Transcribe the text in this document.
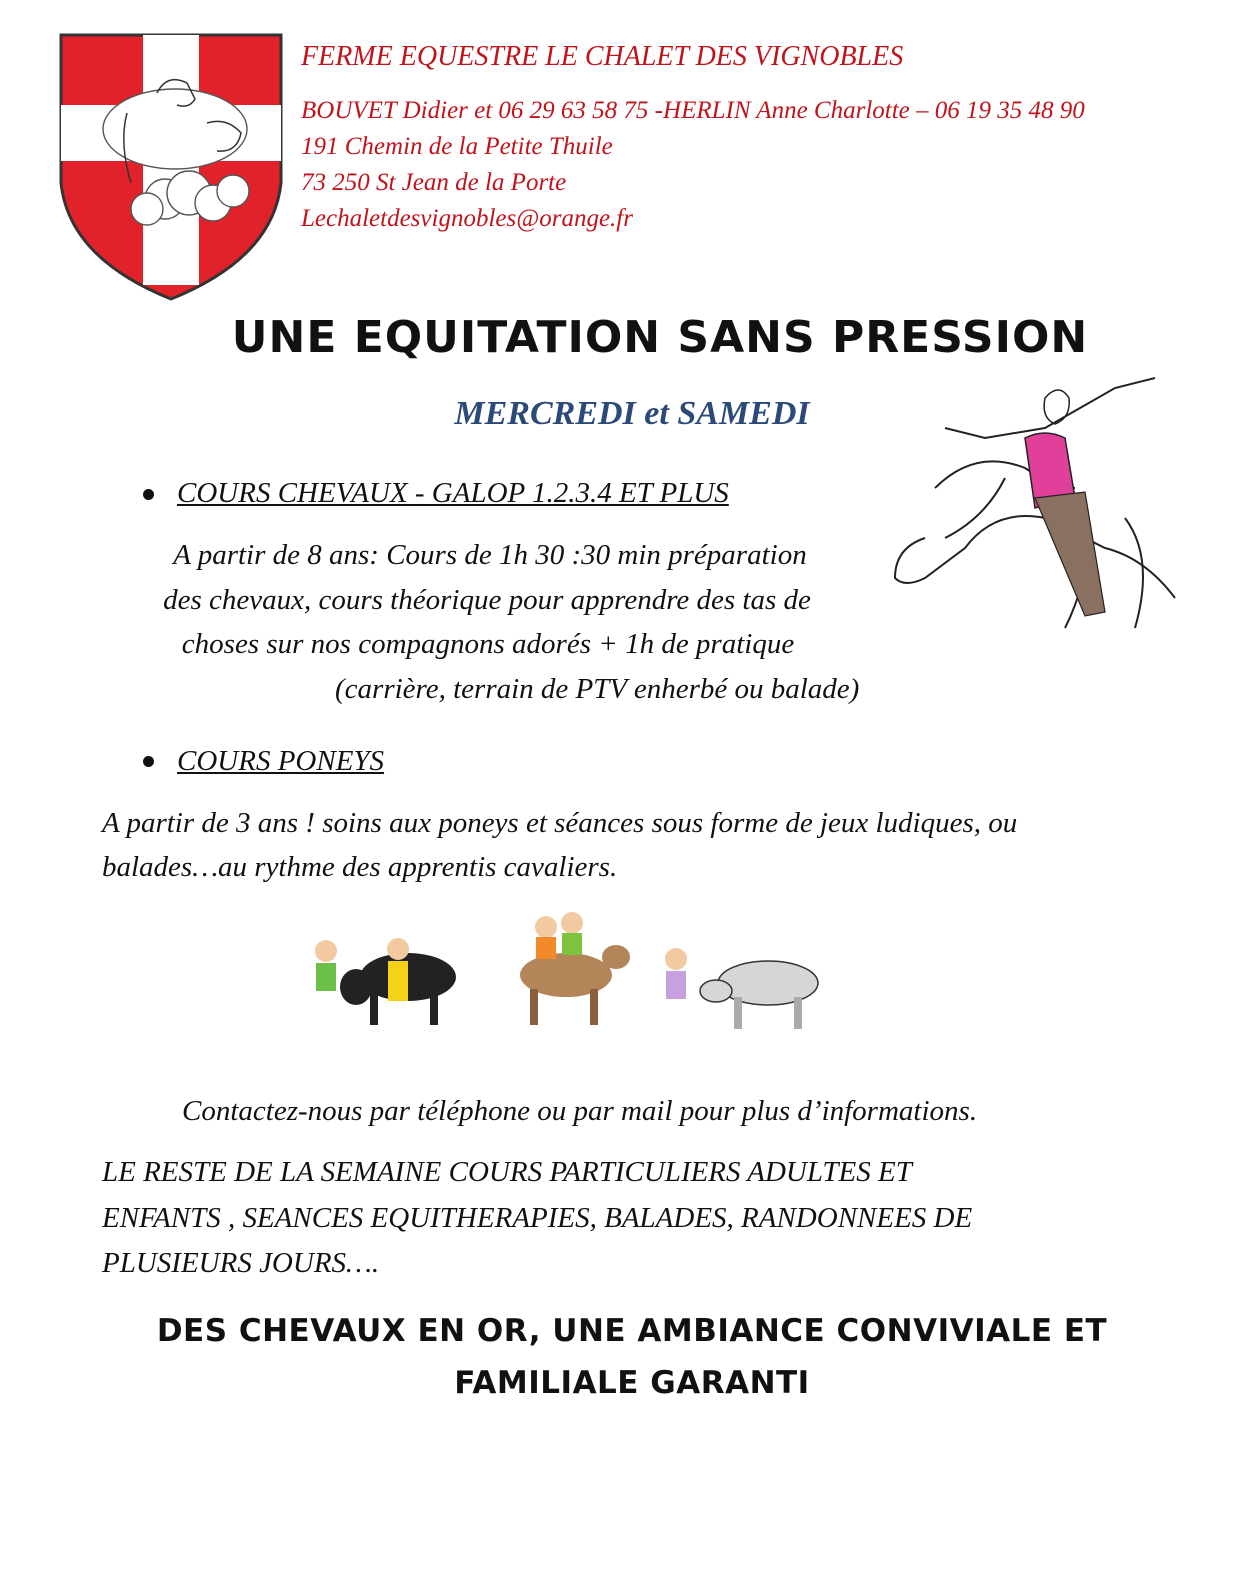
FERME EQUESTRE LE CHALET DES VIGNOBLES
BOUVET Didier et 06 29 63 58 75 -HERLIN Anne Charlotte – 06 19 35 48 90
191 Chemin de la Petite Thuile
73 250 St Jean de la Porte
Lechaletdesvignobles@orange.fr
UNE EQUITATION SANS PRESSION
MERCREDI et SAMEDI
COURS CHEVAUX - GALOP 1.2.3.4 ET PLUS
A partir de 8 ans: Cours de 1h 30 :30 min préparation
des chevaux, cours théorique pour apprendre des tas de
choses sur nos compagnons adorés + 1h de pratique
(carrière, terrain de PTV enherbé ou balade)
COURS PONEYS
A partir de 3 ans ! soins aux poneys et séances sous forme de jeux ludiques, ou
balades…au rythme des apprentis cavaliers.
Contactez-nous par téléphone ou par mail pour plus d’informations.
LE RESTE DE LA SEMAINE COURS PARTICULIERS ADULTES ET
ENFANTS , SEANCES EQUITHERAPIES, BALADES, RANDONNEES DE
PLUSIEURS JOURS….
DES CHEVAUX EN OR, UNE AMBIANCE CONVIVIALE ET
FAMILIALE GARANTI
